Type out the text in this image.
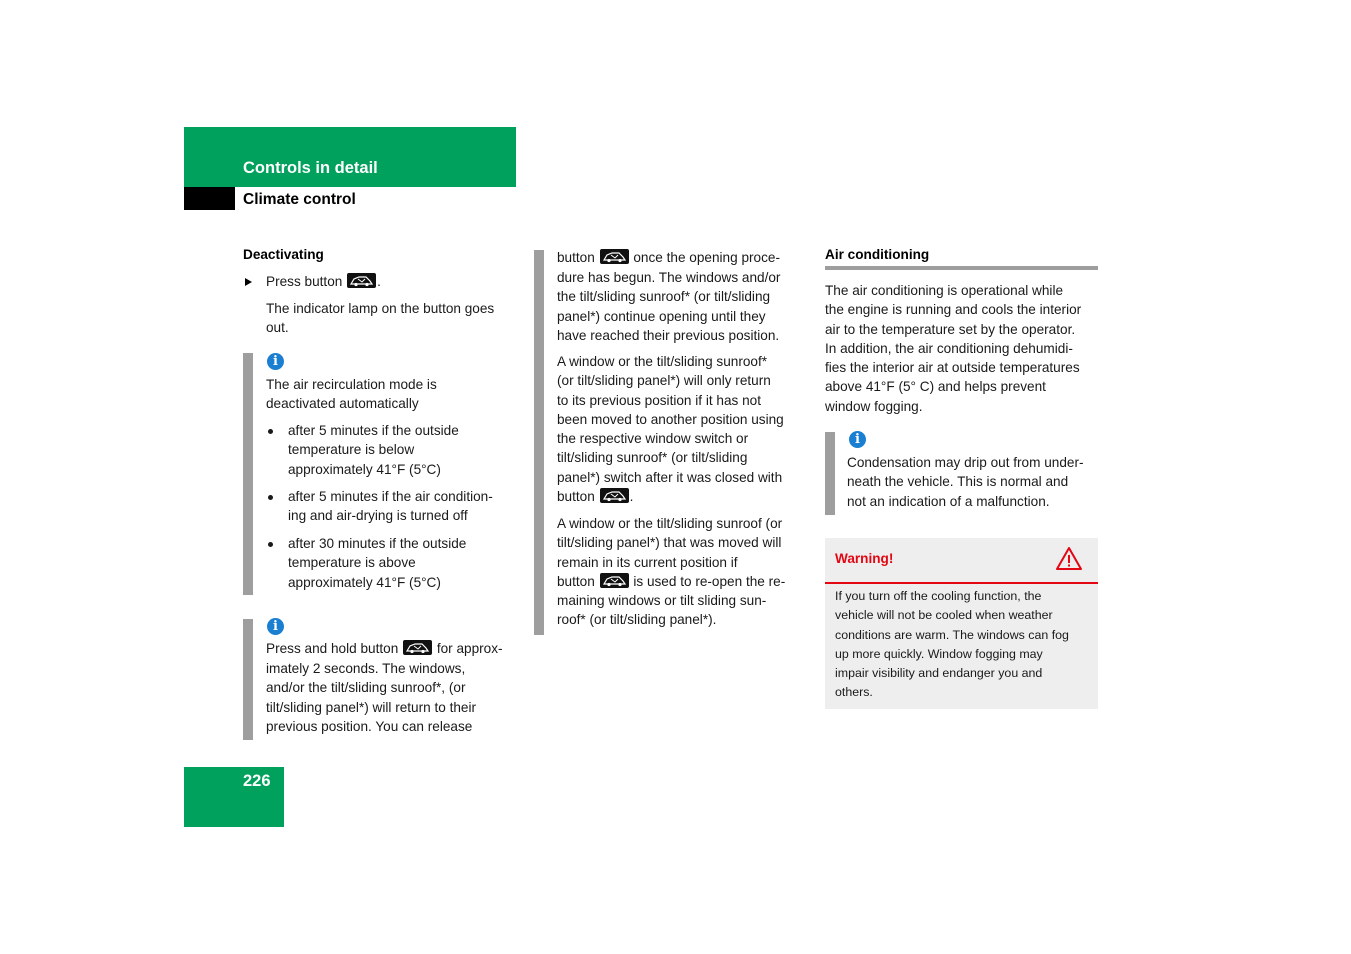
Controls in detail
Climate control
Deactivating
Press button	.
The indicator lamp on the button goes
out.
i
The air recirculation mode is
deactivated automatically
after 5 minutes if the outside
temperature is below
approximately 41°F (5°C)
after 5 minutes if the air condition-
ing and air-drying is turned off
after 30 minutes if the outside
temperature is above
approximately 41°F (5°C)
i
Press and hold button	for approx-
imately 2 seconds. The windows,
and/or the tilt/sliding sunroof*, (or
tilt/sliding panel*) will return to their
previous position. You can release
button	once the opening proce-
dure has begun. The windows and/or
the tilt/sliding sunroof* (or tilt/sliding
panel*) continue opening until they
have reached their previous position.
A window or the tilt/sliding sunroof*
(or tilt/sliding panel*) will only return
to its previous position if it has not
been moved to another position using
the respective window switch or
tilt/sliding sunroof* (or tilt/sliding
panel*) switch after it was closed with
button	.
A window or the tilt/sliding sunroof (or
tilt/sliding panel*) that was moved will
remain in its current position if
button	is used to re-open the re-
maining windows or tilt sliding sun-
roof* (or tilt/sliding panel*).
Air conditioning
The air conditioning is operational while
the engine is running and cools the interior
air to the temperature set by the operator.
In addition, the air conditioning dehumidi-
fies the interior air at outside temperatures
above 41°F (5° C) and helps prevent
window fogging.
i
Condensation may drip out from under-
neath the vehicle. This is normal and
not an indication of a malfunction.
Warning!
If you turn off the cooling function, the
vehicle will not be cooled when weather
conditions are warm. The windows can fog
up more quickly. Window fogging may
impair visibility and endanger you and
others.
226
